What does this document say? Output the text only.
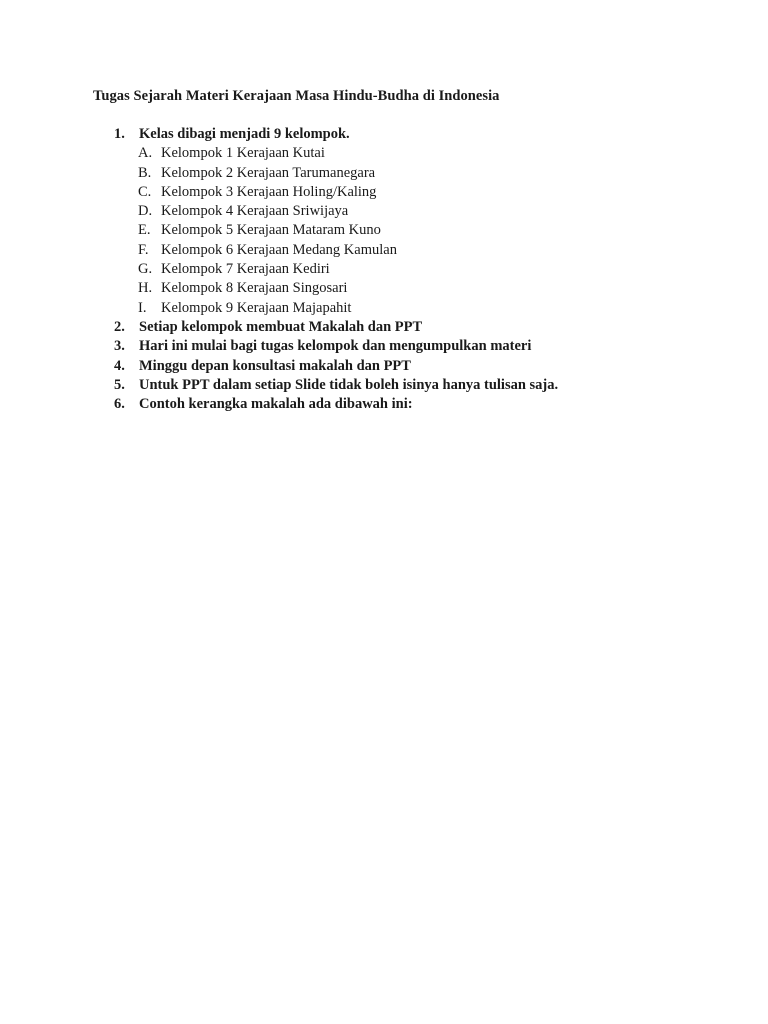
Tugas Sejarah Materi Kerajaan Masa Hindu-Budha di Indonesia
1. Kelas dibagi menjadi 9 kelompok.
A. Kelompok 1 Kerajaan Kutai
B. Kelompok 2 Kerajaan Tarumanegara
C. Kelompok 3 Kerajaan Holing/Kaling
D. Kelompok 4 Kerajaan Sriwijaya
E. Kelompok 5 Kerajaan Mataram Kuno
F. Kelompok 6 Kerajaan Medang Kamulan
G. Kelompok 7 Kerajaan Kediri
H. Kelompok 8 Kerajaan Singosari
I.	Kelompok 9 Kerajaan Majapahit
2. Setiap kelompok membuat Makalah dan PPT
3. Hari ini mulai bagi tugas kelompok dan mengumpulkan materi
4. Minggu depan konsultasi makalah dan PPT
5. Untuk PPT dalam setiap Slide tidak boleh isinya hanya tulisan saja.
6. Contoh kerangka makalah ada dibawah ini:
